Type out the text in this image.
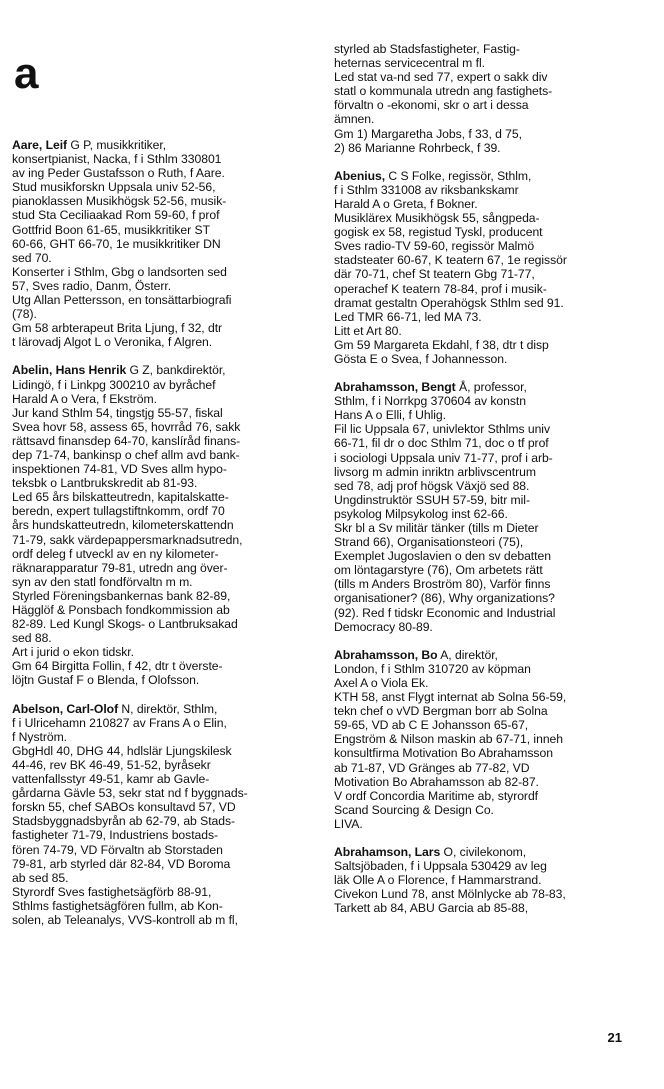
a
Aare, Leif G P, musikkritiker,
konsertpianist, Nacka, f i Sthlm 330801
av ing Peder Gustafsson o Ruth, f Aare.
Stud musikforskn Uppsala univ 52-56,
pianoklassen Musikhögsk 52-56, musik-
stud Sta Ceciliaakad Rom 59-60, f prof
Gottfrid Boon 61-65, musikkritiker ST
60-66, GHT 66-70, 1e musikkritiker DN
sed 70.
Konserter i Sthlm, Gbg o landsorten sed
57, Sves radio, Danm, Österr.
Utg Allan Pettersson, en tonsättarbiografi
(78).
Gm 58 arbterapeut Brita Ljung, f 32, dtr
t lärovadj Algot L o Veronika, f Algren.
Abelin, Hans Henrik G Z, bankdirektör,
Lidingö, f i Linkpg 300210 av byråchef
Harald A o Vera, f Ekström.
Jur kand Sthlm 54, tingstjg 55-57, fiskal
Svea hovr 58, assess 65, hovrråd 76, sakk
rättsavd finansdep 64-70, kanslíråd finans-
dep 71-74, bankinsp o chef allm avd bank-
inspektionen 74-81, VD Sves allm hypo-
teksbk o Lantbrukskredit ab 81-93.
Led 65 års bilskatteutredn, kapitalskatte-
beredn, expert tullagstiftnkomm, ordf 70
års hundskatteutredn, kilometerskattendn
71-79, sakk värdepappersmarknadsutredn,
ordf deleg f utveckl av en ny kilometer-
räknarapparatur 79-81, utredn ang över-
syn av den statl fondförvaltn m m.
Styrled Föreningsbankernas bank 82-89,
Hägglöf & Ponsbach fondkommission ab
82-89. Led Kungl Skogs- o Lantbruksakad
sed 88.
Art i jurid o ekon tidskr.
Gm 64 Birgitta Follin, f 42, dtr t överste-
löjtn Gustaf F o Blenda, f Olofsson.
Abelson, Carl-Olof N, direktör, Sthlm,
f i Ulricehamn 210827 av Frans A o Elin,
f Nyström.
GbgHdl 40, DHG 44, hdlslär Ljungskilesk
44-46, rev BK 46-49, 51-52, byråsekr
vattenfallsstyr 49-51, kamr ab Gavle-
gårdarna Gävle 53, sekr stat nd f byggnads-
forskn 55, chef SABOs konsultavd 57, VD
Stadsbyggnadsbyrån ab 62-79, ab Stads-
fastigheter 71-79, Industriens bostads-
fören 74-79, VD Förvaltn ab Storstaden
79-81, arb styrled där 82-84, VD Boroma
ab sed 85.
Styrordf Sves fastighetsägförb 88-91,
Sthlms fastighetsägfören fullm, ab Kon-
solen, ab Teleanalys, VVS-kontroll ab m fl,
styrled ab Stadsfastigheter, Fastig-
heternas servicecentral m fl.
Led stat va-nd sed 77, expert o sakk div
statl o kommunala utredn ang fastighets-
förvaltn o -ekonomi, skr o art i dessa
ämnen.
Gm 1) Margaretha Jobs, f 33, d 75,
2) 86 Marianne Rohrbeck, f 39.
Abenius, C S Folke, regissör, Sthlm,
f i Sthlm 331008 av riksbankskamr
Harald A o Greta, f Bokner.
Musiklärex Musikhögsk 55, sångpeda-
gogisk ex 58, registud Tyskl, producent
Sves radio-TV 59-60, regissör Malmö
stadsteater 60-67, K teatern 67, 1e regissör
där 70-71, chef St teatern Gbg 71-77,
operachef K teatern 78-84, prof i musik-
dramat gestaltn Operahögsk Sthlm sed 91.
Led TMR 66-71, led MA 73.
Litt et Art 80.
Gm 59 Margareta Ekdahl, f 38, dtr t disp
Gösta E o Svea, f Johannesson.
Abrahamsson, Bengt Å, professor,
Sthlm, f i Norrkpg 370604 av konstn
Hans A o Elli, f Uhlig.
Fil lic Uppsala 67, univlektor Sthlms univ
66-71, fil dr o doc Sthlm 71, doc o tf prof
i sociologi Uppsala univ 71-77, prof i arb-
livsorg m admin inriktn arblivscentrum
sed 78, adj prof högsk Växjö sed 88.
Ungdinstruktör SSUH 57-59, bitr mil-
psykolog Milpsykolog inst 62-66.
Skr bl a Sv militär tänker (tills m Dieter
Strand 66), Organisationsteori (75),
Exemplet Jugoslavien o den sv debatten
om löntagarstyre (76), Om arbetets rätt
(tills m Anders Broström 80), Varför finns
organisationer? (86), Why organizations?
(92). Red f tidskr Economic and Industrial
Democracy 80-89.
Abrahamsson, Bo A, direktör,
London, f i Sthlm 310720 av köpman
Axel A o Viola Ek.
KTH 58, anst Flygt internat ab Solna 56-59,
tekn chef o vVD Bergman borr ab Solna
59-65, VD ab C E Johansson 65-67,
Engström & Nilson maskin ab 67-71, inneh
konsultfirma Motivation Bo Abrahamsson
ab 71-87, VD Gränges ab 77-82, VD
Motivation Bo Abrahamsson ab 82-87.
V ordf Concordia Maritime ab, styrordf
Scand Sourcing & Design Co.
LIVA.
Abrahamson, Lars O, civilekonom,
Saltsjöbaden, f i Uppsala 530429 av leg
läk Olle A o Florence, f Hammarstrand.
Civekon Lund 78, anst Mölnlycke ab 78-83,
Tarkett ab 84, ABU Garcia ab 85-88,
21
